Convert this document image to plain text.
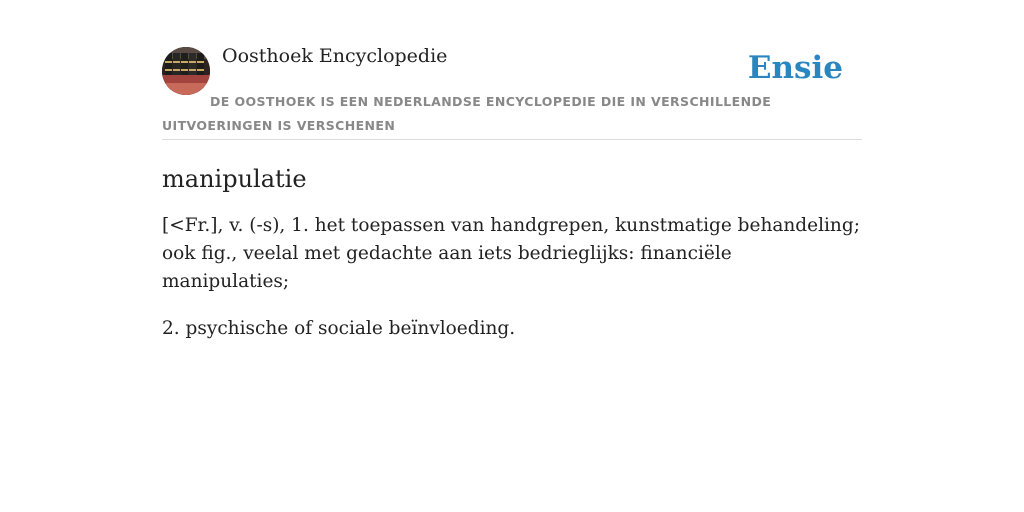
Oosthoek Encyclopedie	Ensie
DE OOSTHOEK IS EEN NEDERLANDSE ENCYCLOPEDIE DIE IN VERSCHILLENDE UITVOERINGEN IS VERSCHENEN
manipulatie

[<Fr.], v. (-s), 1. het toepassen van handgrepen, kunstmatige behandeling; ook fig., veelal met gedachte aan iets bedrieglijks: financiële manipulaties;

2. psychische of sociale beïnvloeding.
